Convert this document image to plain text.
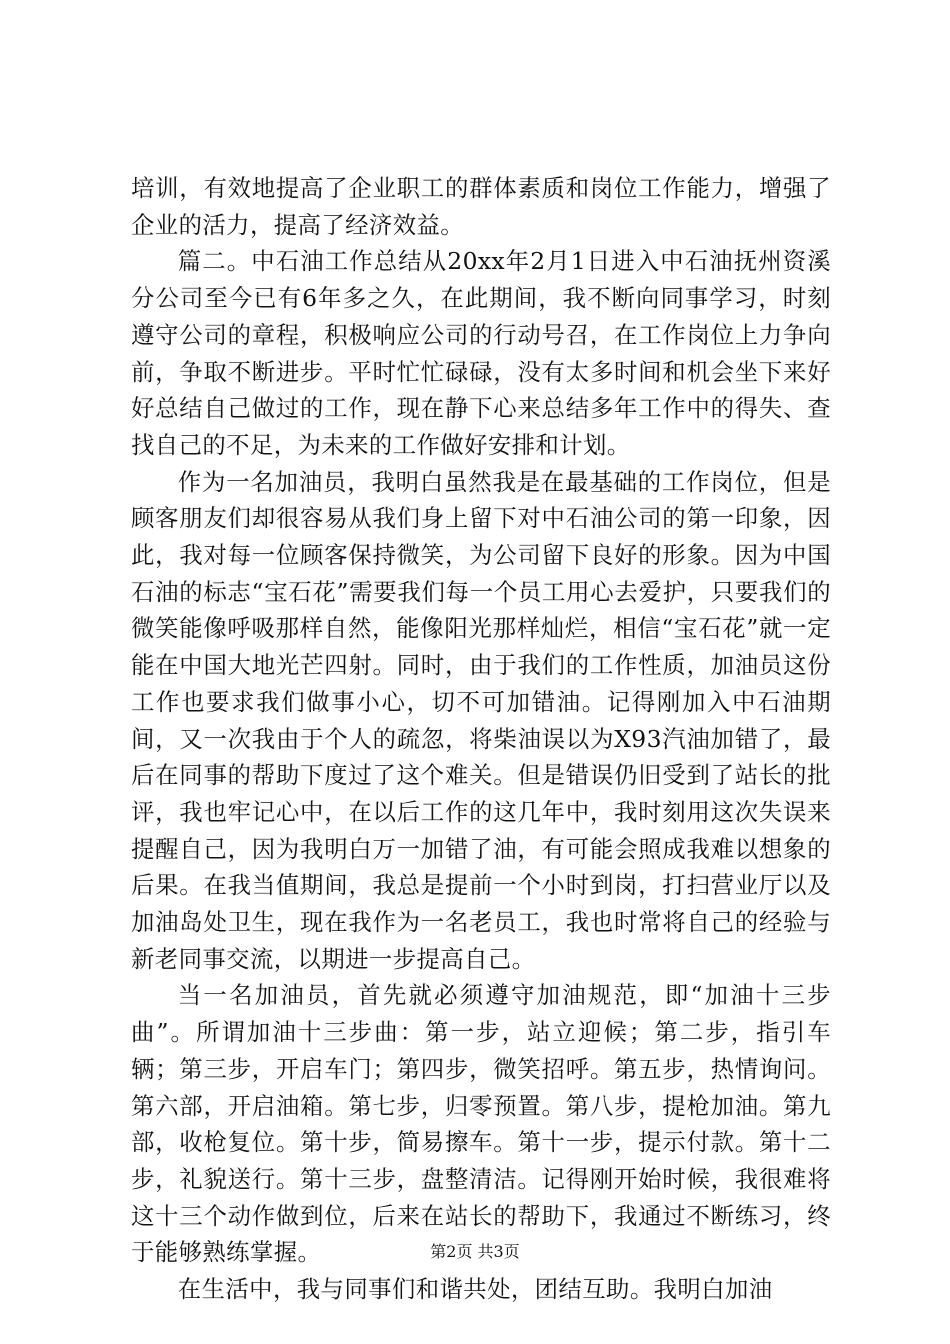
培训，有效地提高了企业职工的群体素质和岗位工作能力，增强了企业的活力，提高了经济效益。

篇二。中石油工作总结从20xx年2月1日进入中石油抚州资溪分公司至今已有6年多之久，在此期间，我不断向同事学习，时刻遵守公司的章程，积极响应公司的行动号召，在工作岗位上力争向前，争取不断进步。平时忙忙碌碌，没有太多时间和机会坐下来好好总结自己做过的工作，现在静下心来总结多年工作中的得失、查找自己的不足，为未来的工作做好安排和计划。

作为一名加油员，我明白虽然我是在最基础的工作岗位，但是顾客朋友们却很容易从我们身上留下对中石油公司的第一印象，因此，我对每一位顾客保持微笑，为公司留下良好的形象。因为中国石油的标志“宝石花”需要我们每一个员工用心去爱护，只要我们的微笑能像呼吸那样自然，能像阳光那样灿烂，相信“宝石花”就一定能在中国大地光芒四射。同时，由于我们的工作性质，加油员这份工作也要求我们做事小心，切不可加错油。记得刚加入中石油期间，又一次我由于个人的疏忽，将柴油误以为X93汽油加错了，最后在同事的帮助下度过了这个难关。但是错误仍旧受到了站长的批评，我也牢记心中，在以后工作的这几年中，我时刻用这次失误来提醒自己，因为我明白万一加错了油，有可能会照成我难以想象的后果。在我当值期间，我总是提前一个小时到岗，打扫营业厅以及加油岛处卫生，现在我作为一名老员工，我也时常将自己的经验与新老同事交流，以期进一步提高自己。

当一名加油员，首先就必须遵守加油规范，即“加油十三步曲”。所谓加油十三步曲：第一步，站立迎候；第二步，指引车辆；第三步，开启车门；第四步，微笑招呼。第五步，热情询问。第六部，开启油箱。第七步，归零预置。第八步，提枪加油。第九部，收枪复位。第十步，简易擦车。第十一步，提示付款。第十二步，礼貌送行。第十三步，盘整清洁。记得刚开始时候，我很难将这十三个动作做到位，后来在站长的帮助下，我通过不断练习，终于能够熟练掌握。

在生活中，我与同事们和谐共处，团结互助。我明白加油

第2页 共3页
